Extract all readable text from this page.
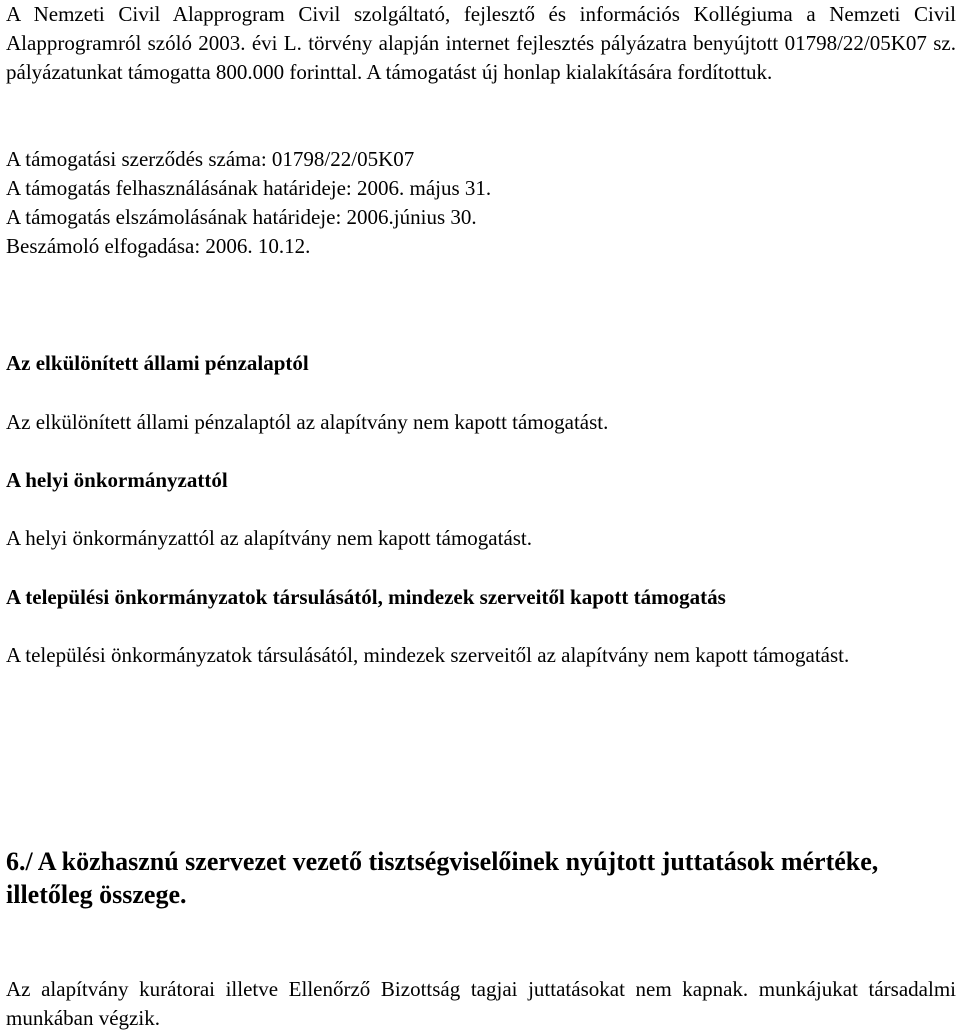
A Nemzeti Civil Alapprogram Civil szolgáltató, fejlesztő és információs Kollégiuma a Nemzeti Civil Alapprogramról szóló 2003. évi L. törvény alapján internet fejlesztés pályázatra benyújtott 01798/22/05K07 sz. pályázatunkat támogatta 800.000 forinttal. A támogatást új honlap kialakítására fordítottuk.

A támogatási szerződés száma: 01798/22/05K07

A támogatás felhasználásának határideje: 2006. május 31.

A támogatás elszámolásának határideje: 2006.június 30.

Beszámoló elfogadása: 2006. 10.12.

Az elkülönített állami pénzalaptól

Az elkülönített állami pénzalaptól az alapítvány nem kapott támogatást.

A helyi önkormányzattól

A helyi önkormányzattól az alapítvány nem kapott támogatást.

A települési önkormányzatok társulásától, mindezek szerveitől kapott támogatás

A települési önkormányzatok társulásától, mindezek szerveitől az alapítvány nem kapott támogatást.

6./ A közhasznú szervezet vezető tisztségviselőinek nyújtott juttatások mértéke, illetőleg összege.

Az alapítvány kurátorai illetve Ellenőrző Bizottság tagjai juttatásokat nem kapnak. munkájukat társadalmi munkában végzik.
